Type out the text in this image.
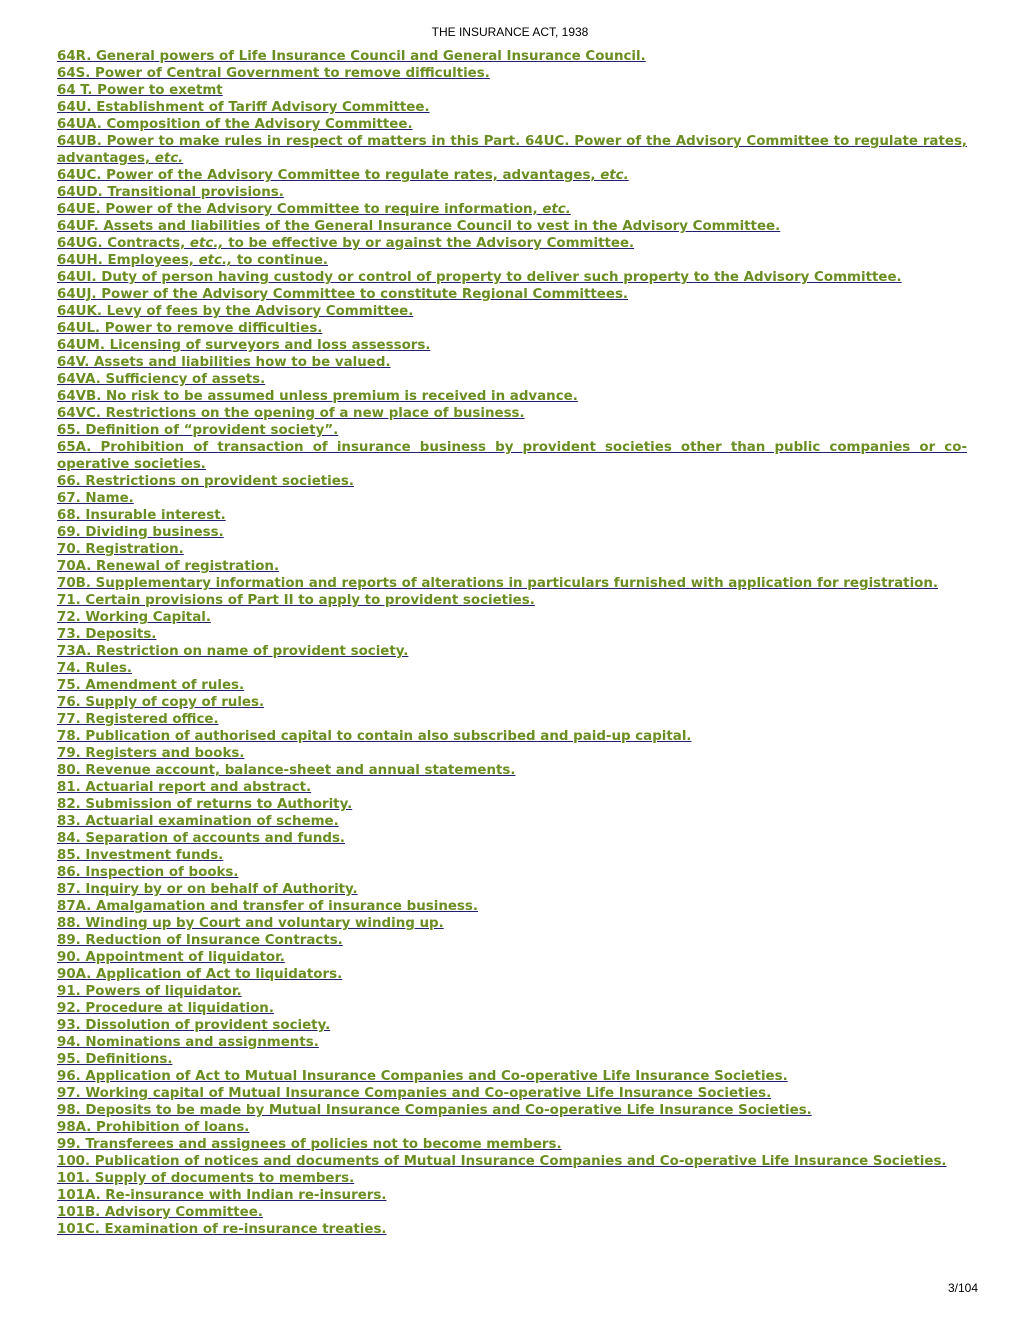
THE INSURANCE ACT, 1938
64R. General powers of Life Insurance Council and General Insurance Council.
64S. Power of Central Government to remove difficulties.
64 T. Power to exetmt
64U. Establishment of Tariff Advisory Committee.
64UA. Composition of the Advisory Committee.
64UB. Power to make rules in respect of matters in this Part. 64UC. Power of the Advisory Committee to regulate rates, advantages, etc.
64UC. Power of the Advisory Committee to regulate rates, advantages, etc.
64UD. Transitional provisions.
64UE. Power of the Advisory Committee to require information, etc.
64UF. Assets and liabilities of the General Insurance Council to vest in the Advisory Committee.
64UG. Contracts, etc., to be effective by or against the Advisory Committee.
64UH. Employees, etc., to continue.
64UI. Duty of person having custody or control of property to deliver such property to the Advisory Committee.
64UJ. Power of the Advisory Committee to constitute Regional Committees.
64UK. Levy of fees by the Advisory Committee.
64UL. Power to remove difficulties.
64UM. Licensing of surveyors and loss assessors.
64V. Assets and liabilities how to be valued.
64VA. Sufficiency of assets.
64VB. No risk to be assumed unless premium is received in advance.
64VC. Restrictions on the opening of a new place of business.
65. Definition of “provident society”.
65A. Prohibition of transaction of insurance business by provident societies other than public companies or co-operative societies.
66. Restrictions on provident societies.
67. Name.
68. Insurable interest.
69. Dividing business.
70. Registration.
70A. Renewal of registration.
70B. Supplementary information and reports of alterations in particulars furnished with application for registration.
71. Certain provisions of Part II to apply to provident societies.
72. Working Capital.
73. Deposits.
73A. Restriction on name of provident society.
74. Rules.
75. Amendment of rules.
76. Supply of copy of rules.
77. Registered office.
78. Publication of authorised capital to contain also subscribed and paid-up capital.
79. Registers and books.
80. Revenue account, balance-sheet and annual statements.
81. Actuarial report and abstract.
82. Submission of returns to Authority.
83. Actuarial examination of scheme.
84. Separation of accounts and funds.
85. Investment funds.
86. Inspection of books.
87. Inquiry by or on behalf of Authority.
87A. Amalgamation and transfer of insurance business.
88. Winding up by Court and voluntary winding up.
89. Reduction of Insurance Contracts.
90. Appointment of liquidator.
90A. Application of Act to liquidators.
91. Powers of liquidator.
92. Procedure at liquidation.
93. Dissolution of provident society.
94. Nominations and assignments.
95. Definitions.
96. Application of Act to Mutual Insurance Companies and Co-operative Life Insurance Societies.
97. Working capital of Mutual Insurance Companies and Co-operative Life Insurance Societies.
98. Deposits to be made by Mutual Insurance Companies and Co-operative Life Insurance Societies.
98A. Prohibition of loans.
99. Transferees and assignees of policies not to become members.
100. Publication of notices and documents of Mutual Insurance Companies and Co-operative Life Insurance Societies.
101. Supply of documents to members.
101A. Re-insurance with Indian re-insurers.
101B. Advisory Committee.
101C. Examination of re-insurance treaties.
3/104
